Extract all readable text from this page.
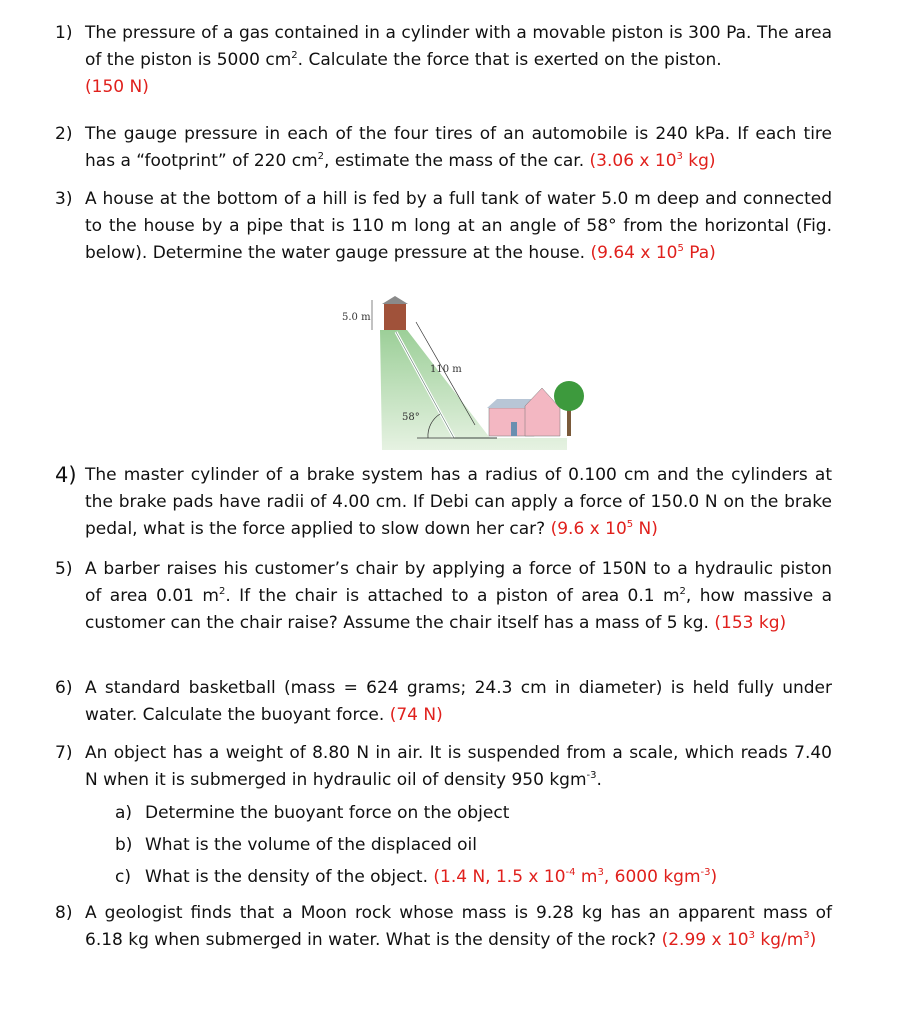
1) The pressure of a gas contained in a cylinder with a movable piston is 300 Pa. The area of the piston is 5000 $cm^2$. Calculate the force that is exerted on the piston.
(150 N)
2) The gauge pressure in each of the four tires of an automobile is 240 kPa. If each tire has a “footprint” of 220 $cm^2$, estimate the mass of the car. (3.06 x $10^3$ kg)
3) A house at the bottom of a hill is fed by a full tank of water 5.0 m deep and connected to the house by a pipe that is 110 m long at an angle of 58° from the horizontal (Fig. below). Determine the water gauge pressure at the house. (9.64 x $10^5$ Pa)
5.0 m
110 m
58°
4) The master cylinder of a brake system has a radius of 0.100 cm and the cylinders at the brake pads have radii of 4.00 cm. If Debi can apply a force of 150.0 N on the brake pedal, what is the force applied to slow down her car? (9.6 x $10^5$ N)
5) A barber raises his customer’s chair by applying a force of 150N to a hydraulic piston of area 0.01 $m^2$. If the chair is attached to a piston of area 0.1 $m^2$, how massive a customer can the chair raise? Assume the chair itself has a mass of 5 kg. (153 kg)
6) A standard basketball (mass = 624 grams; 24.3 cm in diameter) is held fully under water. Calculate the buoyant force. (74 N)
7) An object has a weight of 8.80 N in air. It is suspended from a scale, which reads 7.40 N when it is submerged in hydraulic oil of density 950 kgm$^{-3}$.
a) Determine the buoyant force on the object
b) What is the volume of the displaced oil
c) What is the density of the object. (1.4 N, 1.5 x $10^{-4}$ $m^3$, 6000 kgm$^{-3}$)
8) A geologist finds that a Moon rock whose mass is 9.28 kg has an apparent mass of 6.18 kg when submerged in water. What is the density of the rock? (2.99 x $10^3$ $kg/m^3$)
